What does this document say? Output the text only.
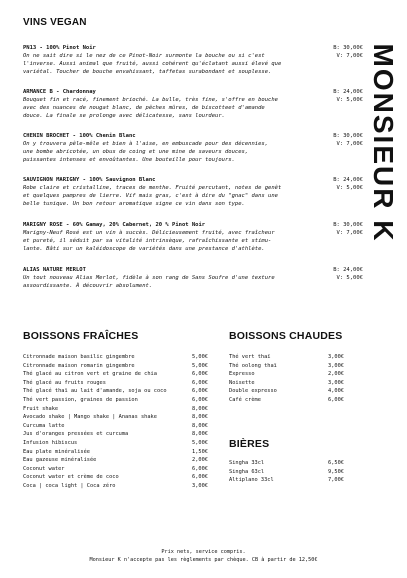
MONSIEUR K
VINS VEGAN
PN13 - 100% Pinot Noir
On ne sait dire si le nez de ce Pinot-Noir surmonte la bouche ou si c'est
l'inverse. Aussi animal que fruité, aussi cohérent qu'éclatant aussi élevé que
variétal. Toucher de bouche envahissant, taffetas surabondant et souplesse.
B: 30,00€
V: 7,00€
ARMANCE B - Chardonnay
Bouquet fin et racé, finement brioché. La bulle, très fine, s'offre en bouche
avec des nuances de nougat blanc, de pêches mûres, de biscotteet d'amande
douce. La finale se prolonge avec délicatesse, sans lourdeur.
B: 24,00€
V: 5,00€
CHENIN BROCHET - 100% Chenin Blanc
On y trouvera pêle-mêle et bien à l'aise, en embuscade pour des décennies,
une bombe abricotée, un obus de coing et une mine de saveurs douces,
puissantes intenses et envoûtantes. Une bouteille pour toujours.
B: 30,00€
V: 7,00€
SAUVIGNON MARIGNY - 100% Sauvignon Blanc
Robe claire et cristalline, traces de menthe. Fruité percutant, notes de genêt
et quelques pampres de lierre. Vif mais gras, c'est à dire du "gnac" dans une
belle tunique. Un bon retour aromatique signe ce vin dans son type.
B: 24,00€
V: 5,00€
MARIGNY ROSE - 60% Gamay, 20% Cabernet, 20 % Pinot Noir
Marigny-Neuf Rosé est un vin à succès. Délicieusement fruité, avec fraîcheur
et pureté, il séduit par sa vitalité intrinsèque, rafraîchissante et stimu-
lante. Bâti sur un kaléidoscope de variétés dans une prestance d'athlète.
B: 30,00€
V: 7,00€
ALIAS NATURE MERLOT
Un tout nouveau Alias Merlot, fidèle à son rang de Sans Soufre d'une texture
assourdissante. À découvrir absolument.
B: 24,00€
V: 5,00€
BOISSONS FRAÎCHES	BOISSONS CHAUDES
Citronnade maison basilic gingembre	5,00€
Citronnade maison romarin gingembre	5,00€
Thé glacé au citron vert et graine de chia	6,00€
Thé glacé au fruits rouges	6,00€
Thé glacé thaï au lait d'amande, soja ou coco	6,00€
Thé vert passion, graines de passion	6,00€
Fruit shake	8,00€
Avocado shake | Mango shake | Ananas shake	8,00€
Curcuma latte	8,00€
Jus d'oranges pressées et curcuma	8,00€
Infusion hibiscus	5,00€
Eau plate minéralisée	1,50€
Eau gazeuse minéralisée	2,00€
Coconut water	6,00€
Coconut water et crème de coco	6,00€
Coca | coca light | Coca zéro	3,00€
Thé vert thaï	3,00€
Thé oolong thaï	3,00€
Expresso	2,00€
Noisette	3,00€
Double expresso	4,00€
Café crème	6,00€
BIÈRES
Singha 33cl	6,50€
Singha 63cl	9,50€
Altiplano 33cl	7,00€
Prix nets, service compris.
Monsieur K n'accepte pas les règlements par chèque. CB à partir de 12,50€
